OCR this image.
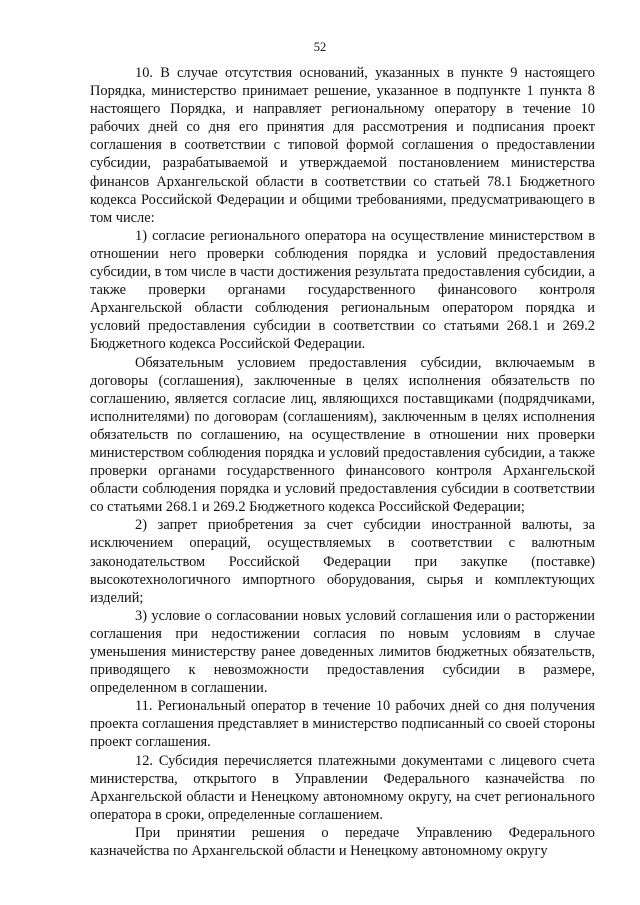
52

10. В случае отсутствия оснований, указанных в пункте 9 настоящего Порядка, министерство принимает решение, указанное в подпункте 1 пункта 8 настоящего Порядка, и направляет региональному оператору в течение 10 рабочих дней со дня его принятия для рассмотрения и подписания проект соглашения в соответствии с типовой формой соглашения о предоставлении субсидии, разрабатываемой и утверждаемой постановлением министерства финансов Архангельской области в соответствии со статьей 78.1 Бюджетного кодекса Российской Федерации и общими требованиями, предусматривающего в том числе:

1) согласие регионального оператора на осуществление министерством в отношении него проверки соблюдения порядка и условий предоставления субсидии, в том числе в части достижения результата предоставления субсидии, а также проверки органами государственного финансового контроля Архангельской области соблюдения региональным оператором порядка и условий предоставления субсидии в соответствии со статьями 268.1 и 269.2 Бюджетного кодекса Российской Федерации.

Обязательным условием предоставления субсидии, включаемым в договоры (соглашения), заключенные в целях исполнения обязательств по соглашению, является согласие лиц, являющихся поставщиками (подрядчиками, исполнителями) по договорам (соглашениям), заключенным в целях исполнения обязательств по соглашению, на осуществление в отношении них проверки министерством соблюдения порядка и условий предоставления субсидии, а также проверки органами государственного финансового контроля Архангельской области соблюдения порядка и условий предоставления субсидии в соответствии со статьями 268.1 и 269.2 Бюджетного кодекса Российской Федерации;

2) запрет приобретения за счет субсидии иностранной валюты, за исключением операций, осуществляемых в соответствии с валютным законодательством Российской Федерации при закупке (поставке) высокотехнологичного импортного оборудования, сырья и комплектующих изделий;

3) условие о согласовании новых условий соглашения или о расторжении соглашения при недостижении согласия по новым условиям в случае уменьшения министерству ранее доведенных лимитов бюджетных обязательств, приводящего к невозможности предоставления субсидии в размере, определенном в соглашении.

11. Региональный оператор в течение 10 рабочих дней со дня получения проекта соглашения представляет в министерство подписанный со своей стороны проект соглашения.

12. Субсидия перечисляется платежными документами с лицевого счета министерства, открытого в Управлении Федерального казначейства по Архангельской области и Ненецкому автономному округу, на счет регионального оператора в сроки, определенные соглашением.

При принятии решения о передаче Управлению Федерального казначейства по Архангельской области и Ненецкому автономному округу
